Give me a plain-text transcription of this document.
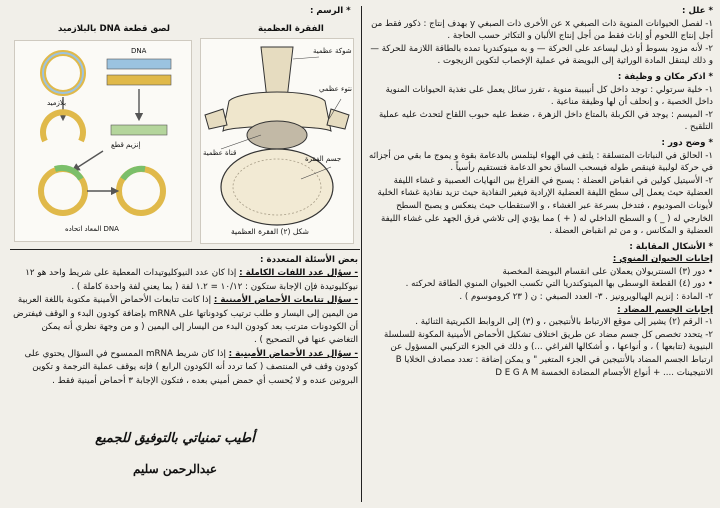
* علل :

١- لفصل الحيوانات المنوية ذات الصبغي x عن الأخرى ذات الصبغي y بهدف إنتاج : ذكور فقط من أجل إنتاج اللحوم أو إناث فقط من أجل إنتاج الألبان و التكاثر حسب الحاجة .

٢- لأنه مزود بسوط أو ذيل ليساعد على الحركة — و به ميتوكندريا تمده بالطاقة اللازمة للحركة — و ذلك ليتنقل المادة الوراثية إلى البويضة في عملية الإخصاب لتكوين الزيجوت .

* اذكر مكان و وظيفة :

١- خلية سرتولي : توجد داخل كل أنيبيبة منوية ، تفرز سائل يعمل على تغذية الحيوانات المنوية داخل الخصية ، و إنحلف أن لها وظيفة مناعية .

٢- الميسم : يوجد في الكربلة بالمتاع داخل الزهرة ، ضغط عليه حبوب اللقاح لتحدث عليه عملية التلقيح .

* وضح دور :

١- الحالق في النباتات المتسلقة : يلتف في الهواء ليتلمس بالدعامة بقوة و يموج ما بقي من أجزائه في حركة لولبية فينقص طوله فيسحب الساق نحو الدعامة فتستقيم رأسياً .

٢- الأسيتيل كولين في انقباض العضلة : يسبح في الفراغ بين النهايات العصبية و غشاء الليفة العضلية حيث يعمل إلى سطح الليفة العضلية الإرادية فيغير النفاذية حيث تزيد نفاذية غشاء الخلية لأيونات الصوديوم ، فتدخل بسرعة عبر الغشاء ، و الاستقطاب حيث ينعكس و يصبح السطح الخارجي له ( _ ) و السطح الداخلي له ( + ) مما يؤدي إلى تلاشي فرق الجهد على غشاء الليفة العضلية و المكانس ، و من ثم انقباض العضلة .

* الأشكال المقابلة :

إجابات الحيوان المنوي :

• دور (٣) السنتريولان يعملان على انقسام البويضة المخصبة

• دور (٤) القطعة الوسطى بها الميتوكندريا التي تكسب الحيوان المنوي الطاقة لحركته .

٢- المادة : إنزيم الهيالويرونيز . ٣- العدد الصبغي : ن ( ٢٣ كروموسوم ) .

إجابات الجسم المضاد :

١- الرقم (٢) يشير إلى موقع الارتباط بالأنتيجين ، و (٣) إلى الروابط الكبريتية الثنائية .

٢- يتحدد تخصص كل جسم مضاد عن طريق اختلاف تشكيل الأحماض الأمينية المكونة للسلسلة البنيوية (تتابعها ) ، و أنواعها ، و أشكالها الفراغي ...) و ذلك في الجزء التركيبي المسؤول عن ارتباط الجسم المضاد بالأنتيجين في الجزء المتغير " و يمكن إضافة : تعدد مصادف الخلايا B الانتيجينات .... + أنواع الأجسام المضادة الخمسة D E G A M

* الرسم :
الفقرة العظمية
لصق قطعة DNA بالبلازميد
شوكة عظمية
نتوء عظمي
جسم الفقرة
قناة عظمية
شكل (٢) الفقرة العظمية
DNA
بلازميد
إنزيم قطع
DNA المعاد اتحاده

بعض الأسئلة المتعددة :

- سؤال عدد اللفات الكاملة : إذا كان عدد النيوكليوتيدات المعطية على شريط واحد هو ١٢ نيوكليوتيدة فإن الإجابة ستكون : ١٠/١٢ = ١.٢ لفة ( بما يعني لفة واحدة كاملة ) .

- سؤال تتابعات الأحماض الأمينية : إذا كانت تتابعات الأحماض الأمينية مكتوبة باللغة العربية من اليمين إلى اليسار و طلب ترتيب كودوناتها على mRNA بإضافة كودون البدء و الوقف فيفترض أن الكودونات مترتب بعد كودون البدء من اليسار إلى اليمين ( و من وجهة نظري أنه يمكن التغاضي عنها في التصحيح ) .

- سؤال عدد الأحماض الأمينية : إذا كان شريط mRNA الممسوح في السؤال يحتوي على كودون وقف في المنتصف ( كما تردد أنه الكودون الرابع ) فإنه يوقف عملية الترجمة و تكوين البروتين عنده و لا يُحسب أي حمض أميني بعده ، فتكون الإجابة ٣ أحماض أمينية فقط .

أطيب تمنياتي بالتوفيق للجميع
عبدالرحمن سليم
